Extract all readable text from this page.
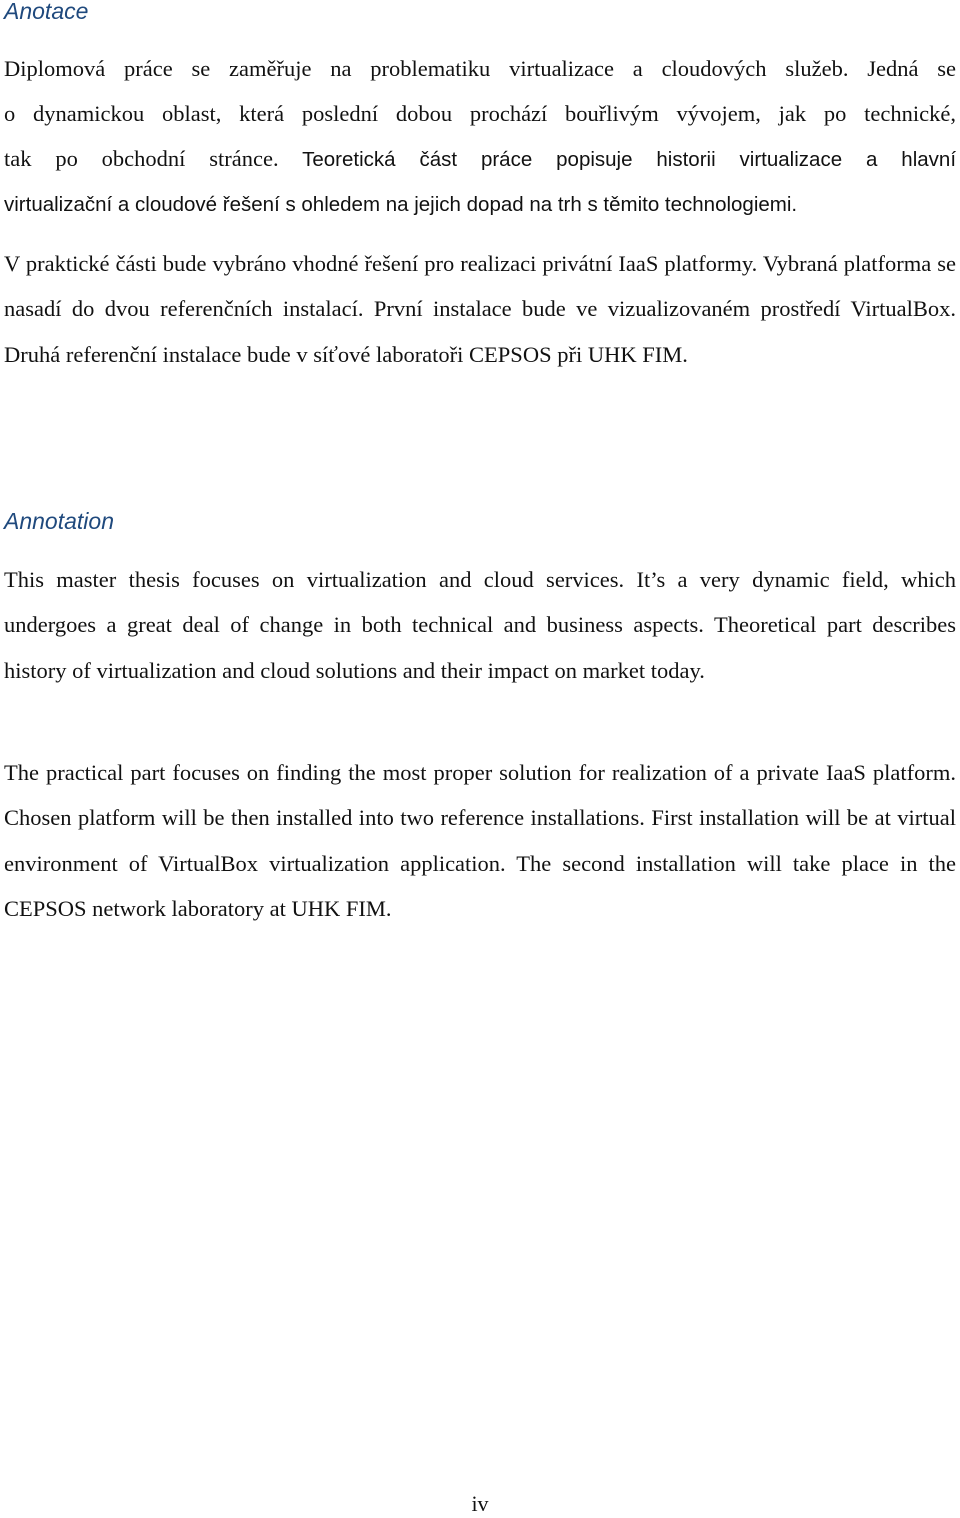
Anotace

Diplomová práce se zaměřuje na problematiku virtualizace a cloudových služeb. Jedná se

o dynamickou oblast, která poslední dobou prochází bouřlivým vývojem, jak po technické,

tak po obchodní stránce. Teoretická část práce popisuje historii virtualizace a hlavní

virtualizační a cloudové řešení s ohledem na jejich dopad na trh s těmito technologiemi.

V praktické části bude vybráno vhodné řešení pro realizaci privátní IaaS platformy. Vybraná platforma se nasadí do dvou referenčních instalací. První instalace bude ve vizualizovaném prostředí VirtualBox. Druhá referenční instalace bude v síťové laboratoři CEPSOS při UHK FIM.

Annotation

This master thesis focuses on virtualization and cloud services. It’s a very dynamic field, which undergoes a great deal of change in both technical and business aspects. Theoretical part describes history of virtualization and cloud solutions and their impact on market today.

The practical part focuses on finding the most proper solution for realization of a private IaaS platform. Chosen platform will be then installed into two reference installations. First installation will be at virtual environment of VirtualBox virtualization application. The second installation will take place in the CEPSOS network laboratory at UHK FIM.

iv
